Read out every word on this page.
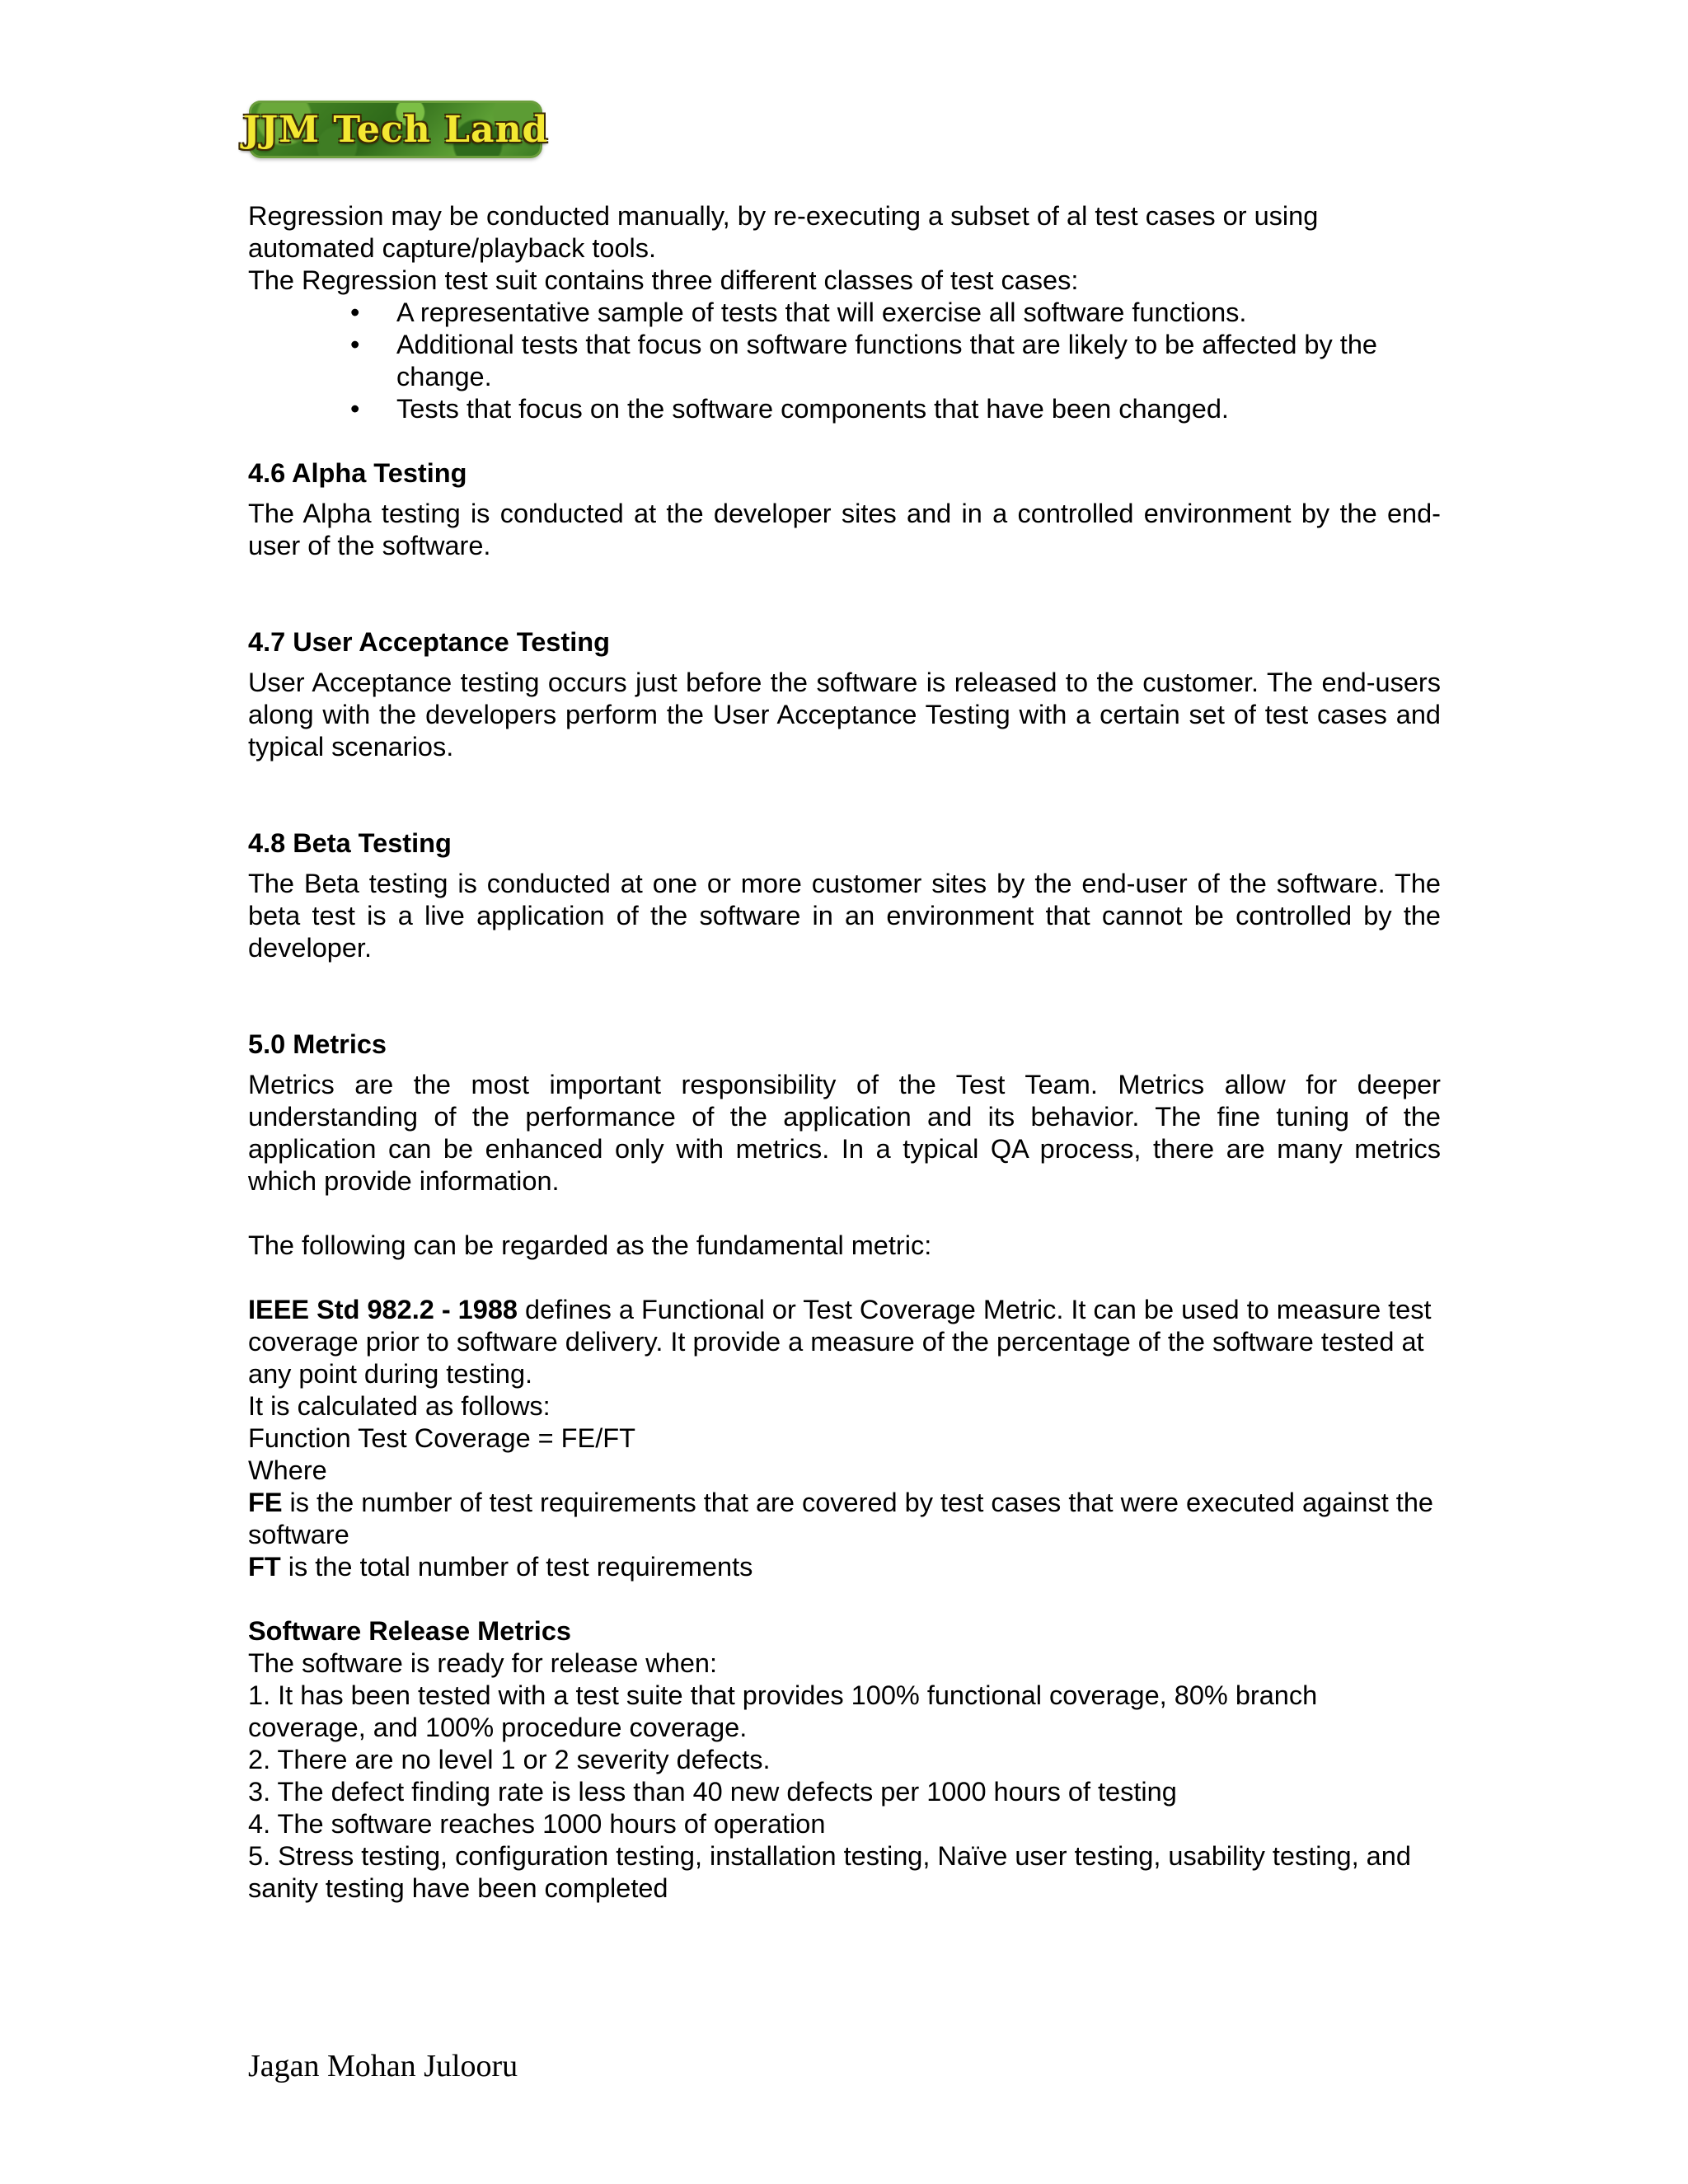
JJM Tech Land

Regression may be conducted manually, by re-executing a subset of al test cases or using automated capture/playback tools.

The Regression test suit contains three different classes of test cases:

• A representative sample of tests that will exercise all software functions.
• Additional tests that focus on software functions that are likely to be affected by the change.
• Tests that focus on the software components that have been changed.
4.6 Alpha Testing

The Alpha testing is conducted at the developer sites and in a controlled environment by the end-user of the software.

4.7 User Acceptance Testing

User Acceptance testing occurs just before the software is released to the customer. The end-users along with the developers perform the User Acceptance Testing with a certain set of test cases and typical scenarios.

4.8 Beta Testing

The Beta testing is conducted at one or more customer sites by the end-user of the software. The beta test is a live application of the software in an environment that cannot be controlled by the developer.

5.0 Metrics

Metrics are the most important responsibility of the Test Team. Metrics allow for deeper understanding of the performance of the application and its behavior. The fine tuning of the application can be enhanced only with metrics. In a typical QA process, there are many metrics which provide information.

The following can be regarded as the fundamental metric:

IEEE Std 982.2 - 1988 defines a Functional or Test Coverage Metric. It can be used to measure test coverage prior to software delivery. It provide a measure of the percentage of the software tested at any point during testing.

It is calculated as follows:

Function Test Coverage = FE/FT

Where

FE is the number of test requirements that are covered by test cases that were executed against the software

FT is the total number of test requirements

Software Release Metrics

The software is ready for release when:

1. It has been tested with a test suite that provides 100% functional coverage, 80% branch coverage, and 100% procedure coverage.

2. There are no level 1 or 2 severity defects.

3. The defect finding rate is less than 40 new defects per 1000 hours of testing

4. The software reaches 1000 hours of operation

5. Stress testing, configuration testing, installation testing, Naïve user testing, usability testing, and sanity testing have been completed

Jagan Mohan Julooru
